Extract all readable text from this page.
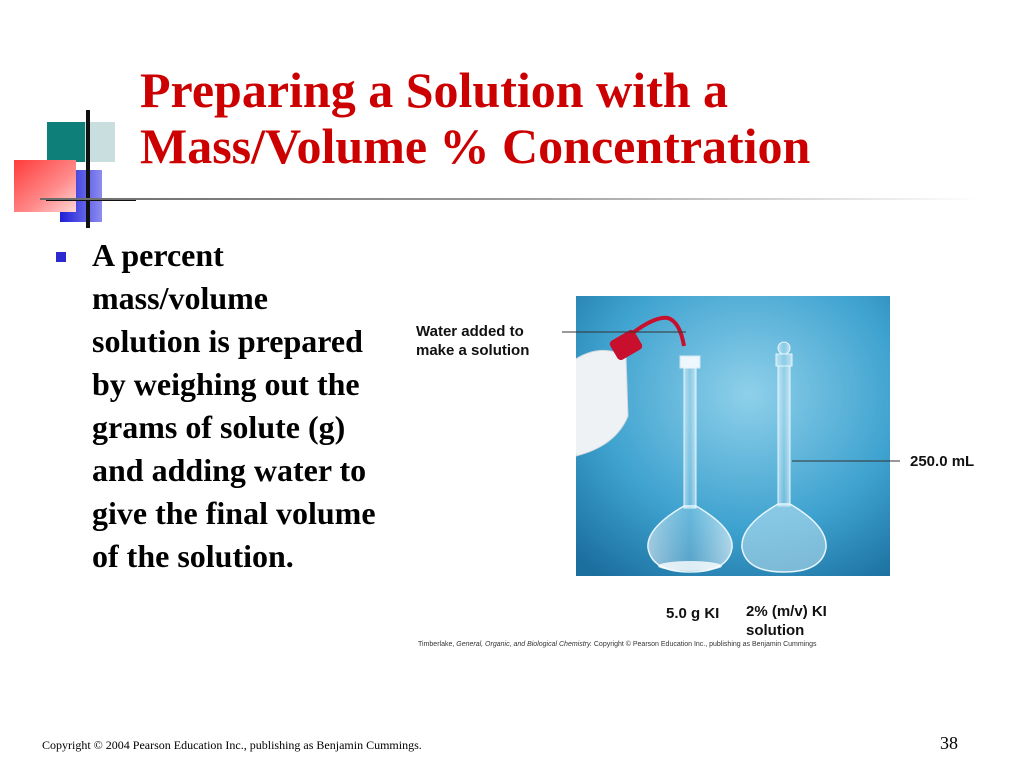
Preparing a Solution with a
Mass/Volume % Concentration

A percent mass/volume solution is prepared by weighing out the grams of solute (g) and adding water to give the final volume of the solution.

Water added to make a solution
250.0 mL
5.0 g KI 2% (m/v) KI solution
Timberlake, General, Organic, and Biological Chemistry. Copyright © Pearson Education Inc., publishing as Benjamin Cummings
Copyright © 2004 Pearson Education Inc., publishing as Benjamin Cummings.	38
